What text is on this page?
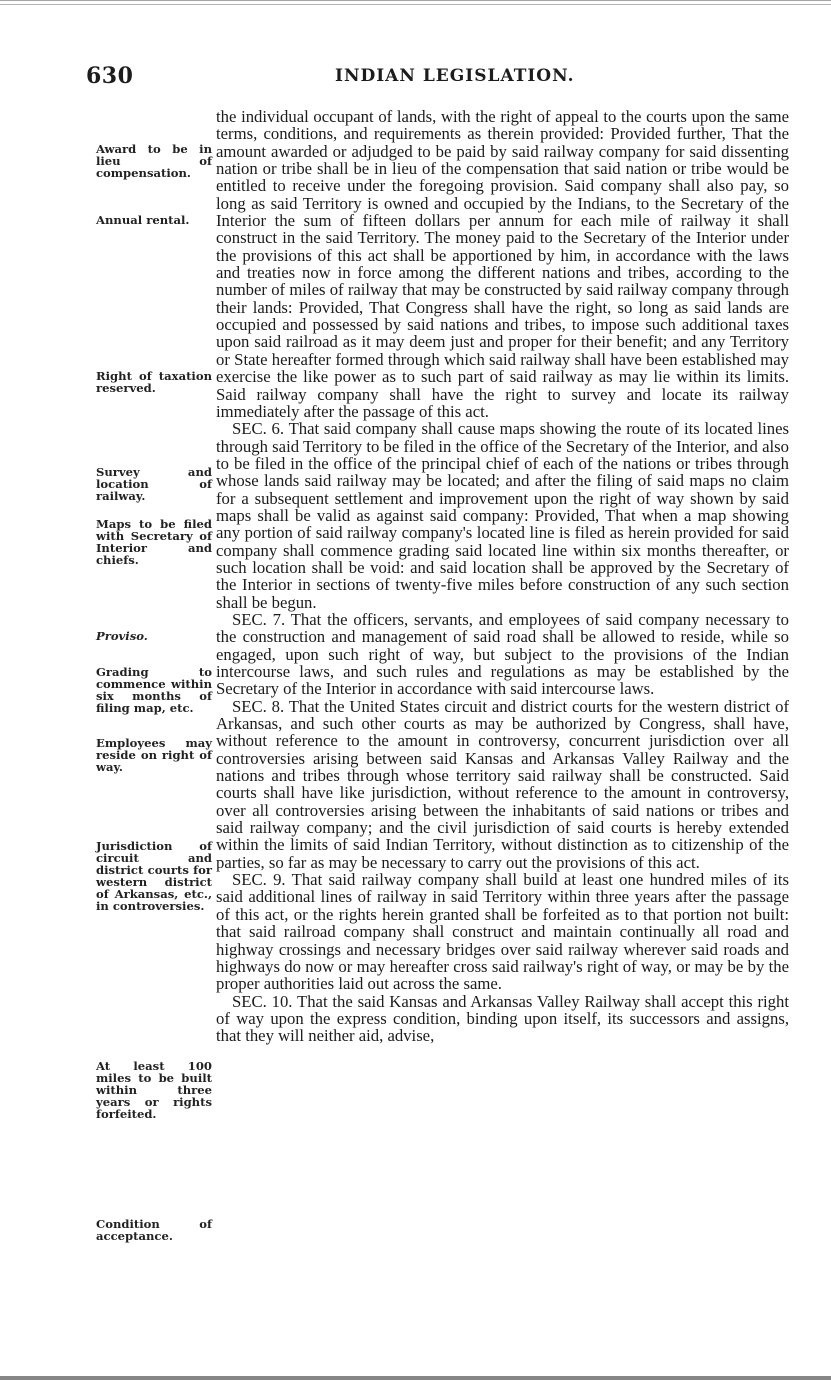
630	INDIAN LEGISLATION.
Award to be in lieu of compensation.
Annual rental.
Right of taxation reserved.
Survey and location of railway.
Maps to be filed with Secretary of Interior and chiefs.
Proviso.
Grading to commence within six months of filing map, etc.
Employees may reside on right of way.
Jurisdiction of circuit and district courts for western district of Arkansas, etc., in controversies.
At least 100 miles to be built within three years or rights forfeited.
Condition of acceptance.

the individual occupant of lands, with the right of appeal to the courts upon the same terms, conditions, and requirements as therein provided: Provided further, That the amount awarded or adjudged to be paid by said railway company for said dissenting nation or tribe shall be in lieu of the compensation that said nation or tribe would be entitled to receive under the foregoing provision. Said company shall also pay, so long as said Territory is owned and occupied by the Indians, to the Secretary of the Interior the sum of fifteen dollars per annum for each mile of railway it shall construct in the said Territory. The money paid to the Secretary of the Interior under the provisions of this act shall be apportioned by him, in accordance with the laws and treaties now in force among the different nations and tribes, according to the number of miles of railway that may be constructed by said railway company through their lands: Provided, That Congress shall have the right, so long as said lands are occupied and possessed by said nations and tribes, to impose such additional taxes upon said railroad as it may deem just and proper for their benefit; and any Territory or State hereafter formed through which said railway shall have been established may exercise the like power as to such part of said railway as may lie within its limits. Said railway company shall have the right to survey and locate its railway immediately after the passage of this act.

SEC. 6. That said company shall cause maps showing the route of its located lines through said Territory to be filed in the office of the Secretary of the Interior, and also to be filed in the office of the principal chief of each of the nations or tribes through whose lands said railway may be located; and after the filing of said maps no claim for a subsequent settlement and improvement upon the right of way shown by said maps shall be valid as against said company: Provided, That when a map showing any portion of said railway company's located line is filed as herein provided for said company shall commence grading said located line within six months thereafter, or such location shall be void: and said location shall be approved by the Secretary of the Interior in sections of twenty-five miles before construction of any such section shall be begun.

SEC. 7. That the officers, servants, and employees of said company necessary to the construction and management of said road shall be allowed to reside, while so engaged, upon such right of way, but subject to the provisions of the Indian intercourse laws, and such rules and regulations as may be established by the Secretary of the Interior in accordance with said intercourse laws.

SEC. 8. That the United States circuit and district courts for the western district of Arkansas, and such other courts as may be authorized by Congress, shall have, without reference to the amount in controversy, concurrent jurisdiction over all controversies arising between said Kansas and Arkansas Valley Railway and the nations and tribes through whose territory said railway shall be constructed. Said courts shall have like jurisdiction, without reference to the amount in controversy, over all controversies arising between the inhabitants of said nations or tribes and said railway company; and the civil jurisdiction of said courts is hereby extended within the limits of said Indian Territory, without distinction as to citizenship of the parties, so far as may be necessary to carry out the provisions of this act.

SEC. 9. That said railway company shall build at least one hundred miles of its said additional lines of railway in said Territory within three years after the passage of this act, or the rights herein granted shall be forfeited as to that portion not built: that said railroad company shall construct and maintain continually all road and highway crossings and necessary bridges over said railway wherever said roads and highways do now or may hereafter cross said railway's right of way, or may be by the proper authorities laid out across the same.

SEC. 10. That the said Kansas and Arkansas Valley Railway shall accept this right of way upon the express condition, binding upon itself, its successors and assigns, that they will neither aid, advise,
